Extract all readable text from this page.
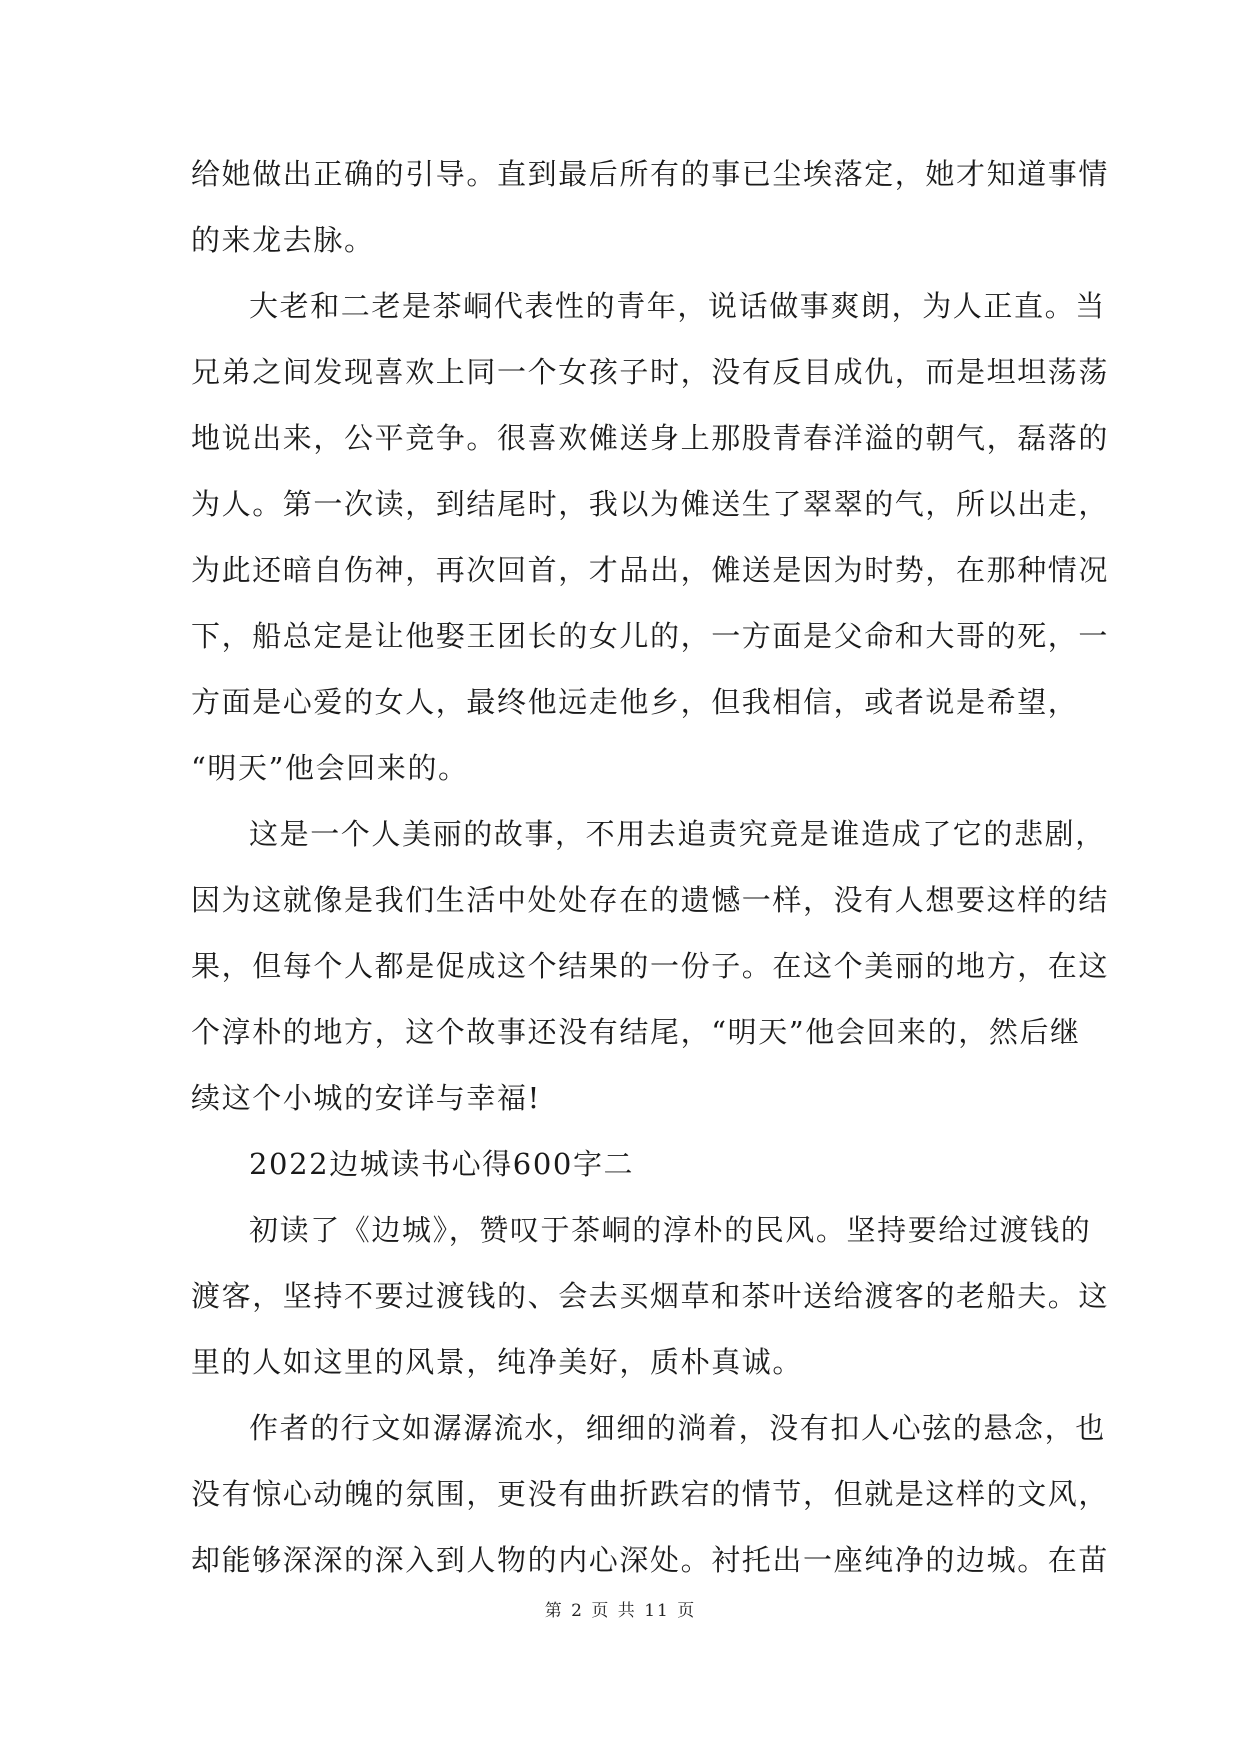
给她做出正确的引导。直到最后所有的事已尘埃落定，她才知道事情
的来龙去脉。
大老和二老是茶峒代表性的青年，说话做事爽朗，为人正直。当
兄弟之间发现喜欢上同一个女孩子时，没有反目成仇，而是坦坦荡荡
地说出来，公平竞争。很喜欢傩送身上那股青春洋溢的朝气，磊落的
为人。第一次读，到结尾时，我以为傩送生了翠翠的气，所以出走，
为此还暗自伤神，再次回首，才品出，傩送是因为时势，在那种情况
下，船总定是让他娶王团长的女儿的，一方面是父命和大哥的死，一
方面是心爱的女人，最终他远走他乡，但我相信，或者说是希望，
“明天”他会回来的。
这是一个人美丽的故事，不用去追责究竟是谁造成了它的悲剧，
因为这就像是我们生活中处处存在的遗憾一样，没有人想要这样的结
果，但每个人都是促成这个结果的一份子。在这个美丽的地方，在这
个淳朴的地方，这个故事还没有结尾，“明天”他会回来的，然后继
续这个小城的安详与幸福!
2022边城读书心得600字二
初读了《边城》，赞叹于茶峒的淳朴的民风。坚持要给过渡钱的
渡客，坚持不要过渡钱的、会去买烟草和茶叶送给渡客的老船夫。这
里的人如这里的风景，纯净美好，质朴真诚。
作者的行文如潺潺流水，细细的淌着，没有扣人心弦的悬念，也
没有惊心动魄的氛围，更没有曲折跌宕的情节，但就是这样的文风，
却能够深深的深入到人物的内心深处。衬托出一座纯净的边城。在苗
第 2 页 共 11 页
